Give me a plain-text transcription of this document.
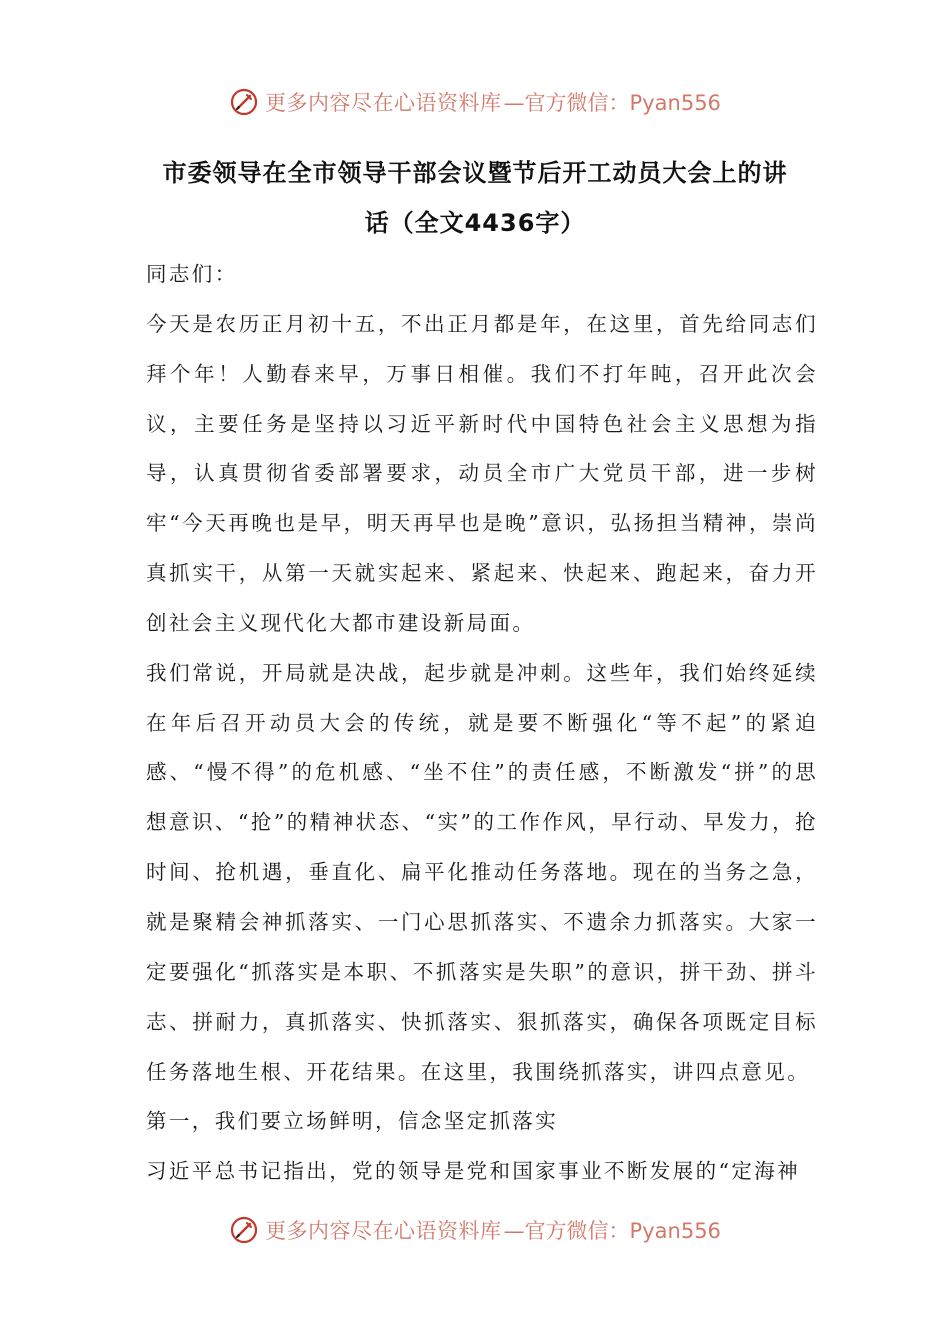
更多内容尽在心语资料库 —官方微信：Pyan556
市委领导在全市领导干部会议暨节后开工动员大会上的讲
话（全文4436字）

同志们：

今天是农历正月初十五，不出正月都是年，在这里，首先给同志们拜个年！人勤春来早，万事日相催。我们不打年盹，召开此次会议，主要任务是坚持以习近平新时代中国特色社会主义思想为指导，认真贯彻省委部署要求，动员全市广大党员干部，进一步树牢“今天再晚也是早，明天再早也是晚”意识，弘扬担当精神，崇尚真抓实干，从第一天就实起来、紧起来、快起来、跑起来，奋力开创社会主义现代化大都市建设新局面。

我们常说，开局就是决战，起步就是冲刺。这些年，我们始终延续在年后召开动员大会的传统，就是要不断强化“等不起”的紧迫感、“慢不得”的危机感、“坐不住”的责任感，不断激发“拼”的思想意识、“抢”的精神状态、“实”的工作作风，早行动、早发力，抢时间、抢机遇，垂直化、扁平化推动任务落地。现在的当务之急，就是聚精会神抓落实、一门心思抓落实、不遗余力抓落实。大家一定要强化“抓落实是本职、不抓落实是失职”的意识，拼干劲、拼斗志、拼耐力，真抓落实、快抓落实、狠抓落实，确保各项既定目标任务落地生根、开花结果。在这里，我围绕抓落实，讲四点意见。

第一，我们要立场鲜明，信念坚定抓落实

习近平总书记指出，党的领导是党和国家事业不断发展的“定海神

更多内容尽在心语资料库 —官方微信：Pyan556
